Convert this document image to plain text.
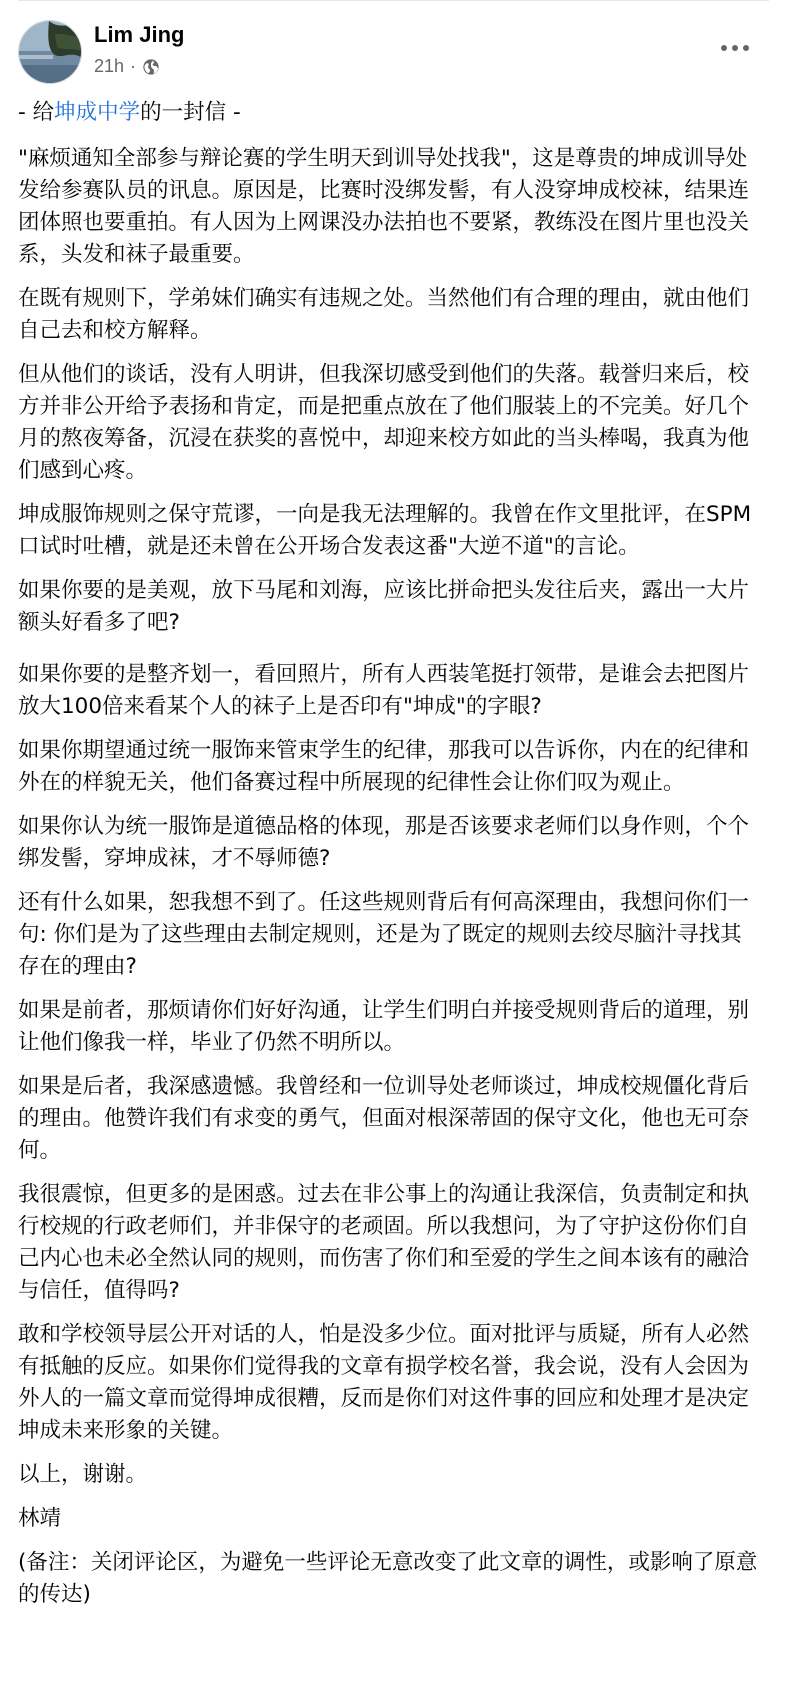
Lim Jing
21h ·

- 给坤成中学的一封信 -

"麻烦通知全部参与辩论赛的学生明天到训导处找我"，这是尊贵的坤成训导处发给参赛队员的讯息。原因是，比赛时没绑发髻，有人没穿坤成校袜，结果连团体照也要重拍。有人因为上网课没办法拍也不要紧，教练没在图片里也没关系，头发和袜子最重要。

在既有规则下，学弟妹们确实有违规之处。当然他们有合理的理由，就由他们自己去和校方解释。

但从他们的谈话，没有人明讲，但我深切感受到他们的失落。载誉归来后，校方并非公开给予表扬和肯定，而是把重点放在了他们服装上的不完美。好几个月的熬夜筹备，沉浸在获奖的喜悦中，却迎来校方如此的当头棒喝，我真为他们感到心疼。

坤成服饰规则之保守荒谬，一向是我无法理解的。我曾在作文里批评，在SPM口试时吐槽，就是还未曾在公开场合发表这番"大逆不道"的言论。

如果你要的是美观，放下马尾和刘海，应该比拼命把头发往后夹，露出一大片额头好看多了吧?

如果你要的是整齐划一，看回照片，所有人西装笔挺打领带，是谁会去把图片放大100倍来看某个人的袜子上是否印有"坤成"的字眼?

如果你期望通过统一服饰来管束学生的纪律，那我可以告诉你，内在的纪律和外在的样貌无关，他们备赛过程中所展现的纪律性会让你们叹为观止。

如果你认为统一服饰是道德品格的体现，那是否该要求老师们以身作则，个个绑发髻，穿坤成袜，才不辱师德?

还有什么如果，恕我想不到了。任这些规则背后有何高深理由，我想问你们一句: 你们是为了这些理由去制定规则，还是为了既定的规则去绞尽脑汁寻找其存在的理由?

如果是前者，那烦请你们好好沟通，让学生们明白并接受规则背后的道理，别让他们像我一样，毕业了仍然不明所以。

如果是后者，我深感遗憾。我曾经和一位训导处老师谈过，坤成校规僵化背后的理由。他赞许我们有求变的勇气，但面对根深蒂固的保守文化，他也无可奈何。

我很震惊，但更多的是困惑。过去在非公事上的沟通让我深信，负责制定和执行校规的行政老师们，并非保守的老顽固。所以我想问，为了守护这份你们自己内心也未必全然认同的规则，而伤害了你们和至爱的学生之间本该有的融洽与信任，值得吗?

敢和学校领导层公开对话的人，怕是没多少位。面对批评与质疑，所有人必然有抵触的反应。如果你们觉得我的文章有损学校名誉，我会说，没有人会因为外人的一篇文章而觉得坤成很糟，反而是你们对这件事的回应和处理才是决定坤成未来形象的关键。

以上，谢谢。

林靖

(备注：关闭评论区，为避免一些评论无意改变了此文章的调性，或影响了原意的传达)
